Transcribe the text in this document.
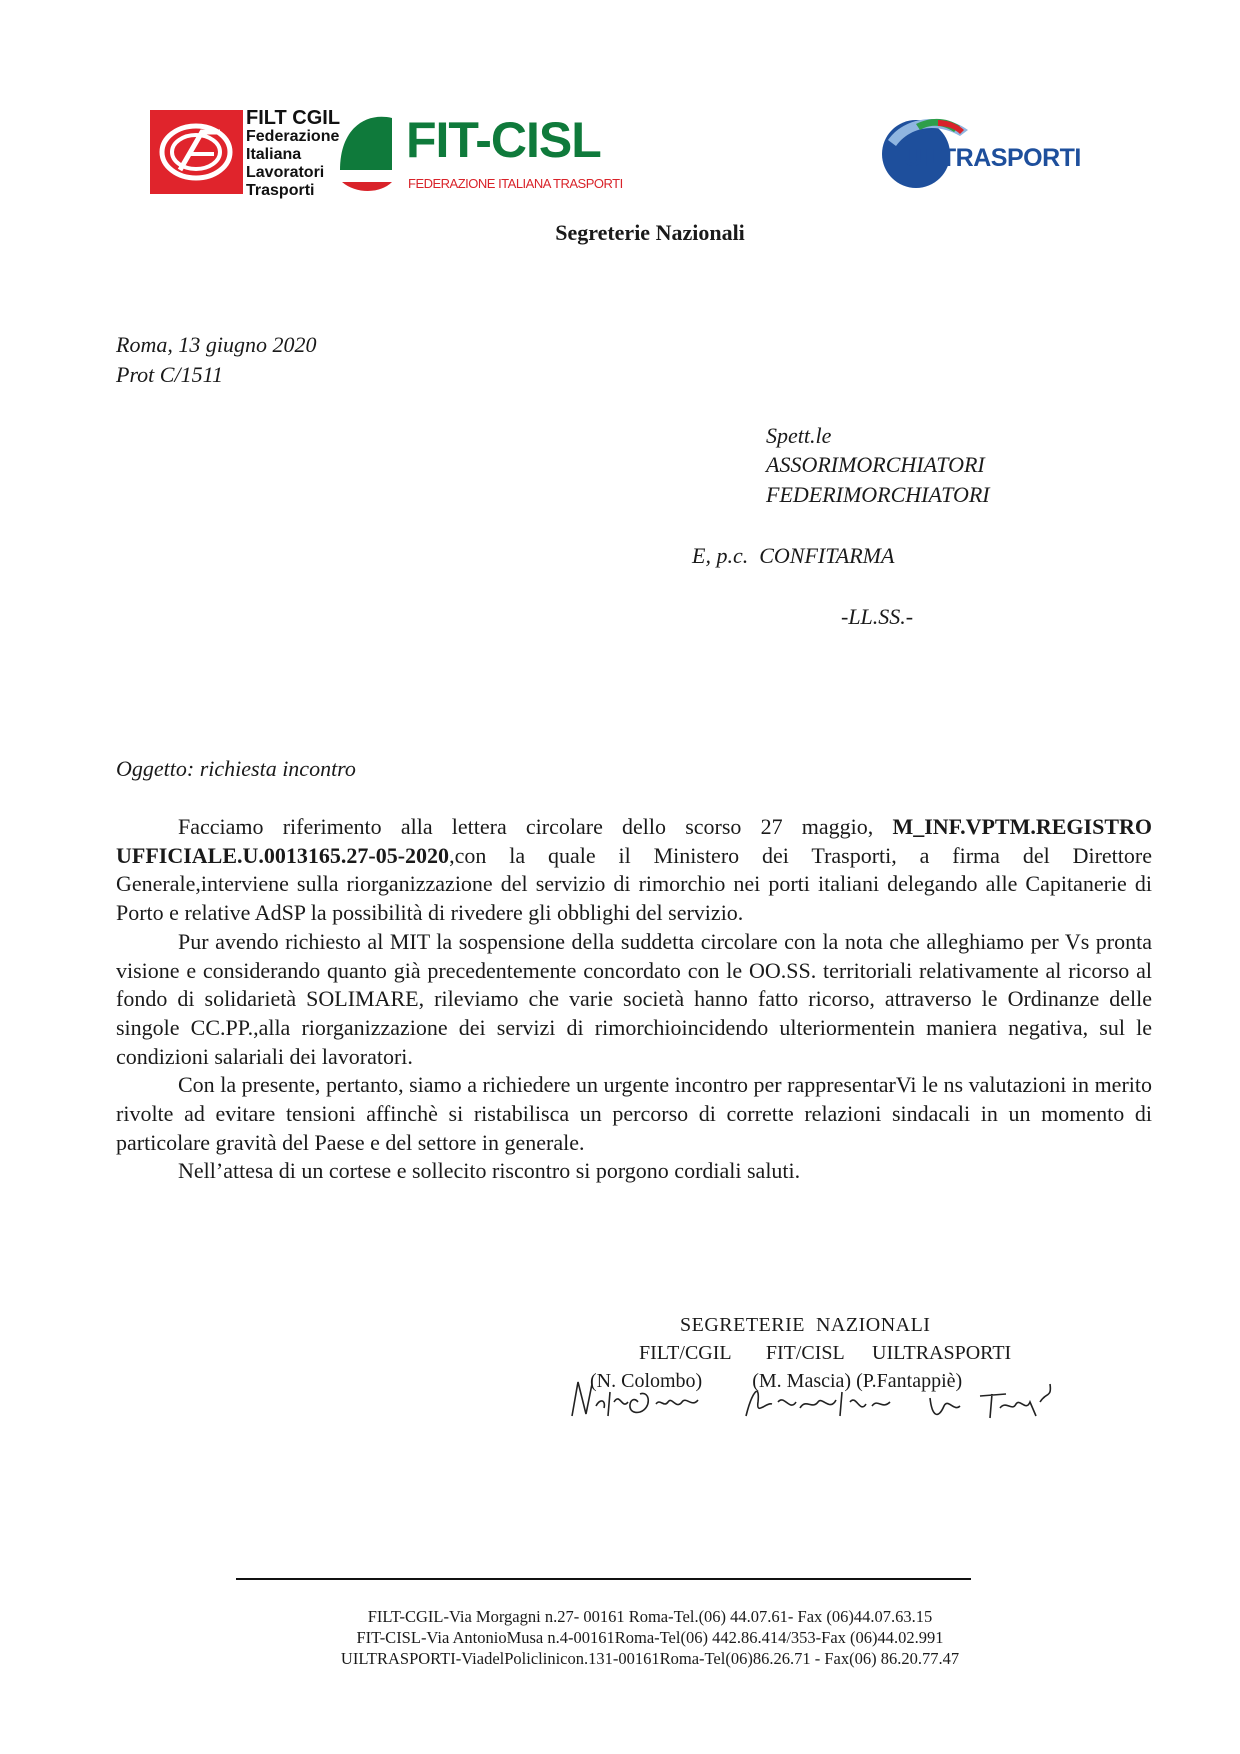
FILT CGIL
Federazione
Italiana
Lavoratori
Trasporti
FIT-CISL
FEDERAZIONE ITALIANA TRASPORTI
UILTRASPORTI
Segreterie Nazionali
Roma, 13 giugno 2020
Prot C/1511
Spett.le
ASSORIMORCHIATORI
FEDERIMORCHIATORI
E, p.c.  CONFITARMA
-LL.SS.-
Oggetto: richiesta incontro

Facciamo riferimento alla lettera circolare dello scorso 27 maggio, M_INF.VPTM.REGISTRO UFFICIALE.U.0013165.27-05-2020,con la quale il Ministero dei Trasporti, a firma del Direttore Generale,interviene sulla riorganizzazione del servizio di rimorchio nei porti italiani delegando alle Capitanerie di Porto e relative AdSP la possibilità di rivedere gli obblighi del servizio.

Pur avendo richiesto al MIT la sospensione della suddetta circolare con la nota che alleghiamo per Vs pronta visione e considerando quanto già precedentemente concordato con le OO.SS. territoriali relativamente al ricorso al fondo di solidarietà SOLIMARE, rileviamo che varie società hanno fatto ricorso, attraverso le Ordinanze delle singole CC.PP.,alla riorganizzazione dei servizi di rimorchioincidendo ulteriormentein maniera negativa, sul le condizioni salariali dei lavoratori.

Con la presente, pertanto, siamo a richiedere un urgente incontro per rappresentarVi le ns valutazioni in merito rivolte ad evitare tensioni affinchè si ristabilisca un percorso di corrette relazioni sindacali in un momento di particolare gravità del Paese e del settore in generale.

Nell’attesa di un cortese e sollecito riscontro si porgono cordiali saluti.

SEGRETERIE  NAZIONALI
FILT/CGIL     FIT/CISL    UILTRASPORTI
(N. Colombo)          (M. Mascia) (P.Fantappiè)
FILT-CGIL-Via Morgagni n.27- 00161 Roma-Tel.(06) 44.07.61- Fax (06)44.07.63.15
FIT-CISL-Via AntonioMusa n.4-00161Roma-Tel(06) 442.86.414/353-Fax (06)44.02.991
UILTRASPORTI-ViadelPoliclinicon.131-00161Roma-Tel(06)86.26.71 - Fax(06) 86.20.77.47
